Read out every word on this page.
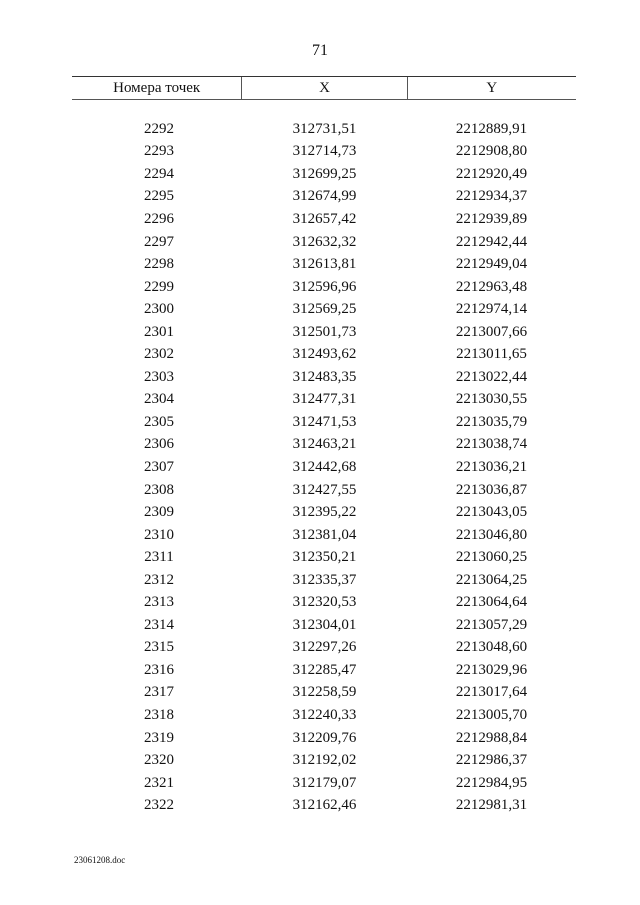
71
Номера точек	X	Y
2292	312731,51	2212889,91
2293	312714,73	2212908,80
2294	312699,25	2212920,49
2295	312674,99	2212934,37
2296	312657,42	2212939,89
2297	312632,32	2212942,44
2298	312613,81	2212949,04
2299	312596,96	2212963,48
2300	312569,25	2212974,14
2301	312501,73	2213007,66
2302	312493,62	2213011,65
2303	312483,35	2213022,44
2304	312477,31	2213030,55
2305	312471,53	2213035,79
2306	312463,21	2213038,74
2307	312442,68	2213036,21
2308	312427,55	2213036,87
2309	312395,22	2213043,05
2310	312381,04	2213046,80
2311	312350,21	2213060,25
2312	312335,37	2213064,25
2313	312320,53	2213064,64
2314	312304,01	2213057,29
2315	312297,26	2213048,60
2316	312285,47	2213029,96
2317	312258,59	2213017,64
2318	312240,33	2213005,70
2319	312209,76	2212988,84
2320	312192,02	2212986,37
2321	312179,07	2212984,95
2322	312162,46	2212981,31
23061208.doc
